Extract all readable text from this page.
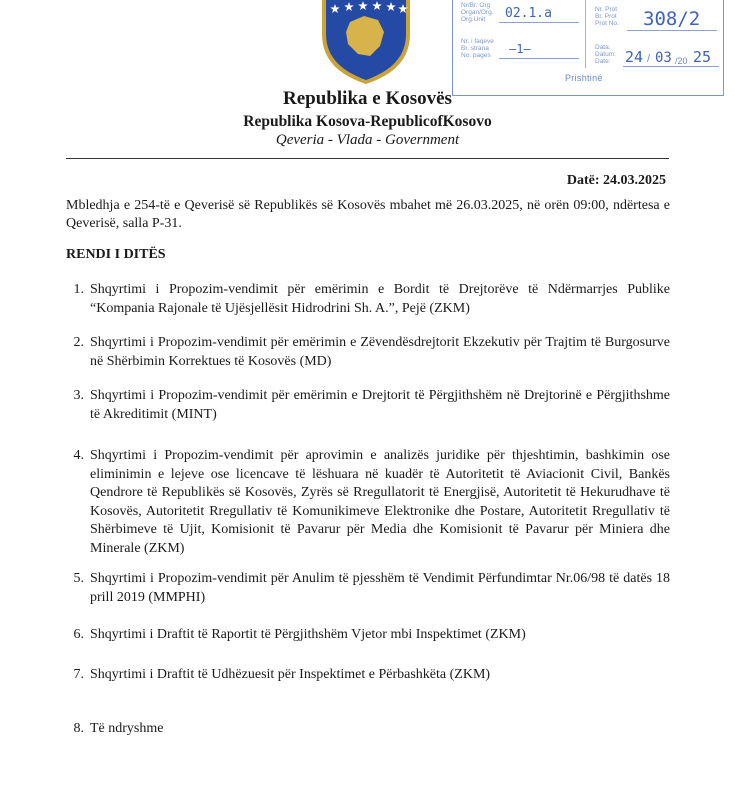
Nr/Br. Org
Organ/Org.
Org.Unit 02.1.a
Nr. i faqeve
Br. strana
No. pages —1—
Nr. Prot
Br. Prot
Prot No. 308/2
Data:
Datum:
Date: 24 / 03 /20 25
Prishtinë
Republika e Kosovës
Republika Kosova-RepublicofKosovo
Qeveria - Vlada - Government
Datë: 24.03.2025
Mbledhja e 254-të e Qeverisë së Republikës së Kosovës mbahet më 26.03.2025, në orën 09:00, ndërtesa e Qeverisë, salla P-31.
RENDI I DITËS
1. Shqyrtimi i Propozim-vendimit për emërimin e Bordit të Drejtorëve të Ndërmarrjes Publike “Kompania Rajonale të Ujësjellësit Hidrodrini Sh. A.”, Pejë (ZKM)
2. Shqyrtimi i Propozim-vendimit për emërimin e Zëvendësdrejtorit Ekzekutiv për Trajtim të Burgosurve në Shërbimin Korrektues të Kosovës (MD)
3. Shqyrtimi i Propozim-vendimit për emërimin e Drejtorit të Përgjithshëm në Drejtorinë e Përgjithshme të Akreditimit (MINT)
4. Shqyrtimi i Propozim-vendimit për aprovimin e analizës juridike për thjeshtimin, bashkimin ose eliminimin e lejeve ose licencave të lëshuara në kuadër të Autoritetit të Aviacionit Civil, Bankës Qendrore të Republikës së Kosovës, Zyrës së Rregullatorit të Energjisë, Autoritetit të Hekurudhave të Kosovës, Autoritetit Rregullativ të Komunikimeve Elektronike dhe Postare, Autoritetit Rregullativ të Shërbimeve të Ujit, Komisionit të Pavarur për Media dhe Komisionit të Pavarur për Miniera dhe Minerale (ZKM)
5. Shqyrtimi i Propozim-vendimit për Anulim të pjesshëm të Vendimit Përfundimtar Nr.06/98 të datës 18 prill 2019 (MMPHI)
6. Shqyrtimi i Draftit të Raportit të Përgjithshëm Vjetor mbi Inspektimet (ZKM)
7. Shqyrtimi i Draftit të Udhëzuesit për Inspektimet e Përbashkëta (ZKM)
8. Të ndryshme
